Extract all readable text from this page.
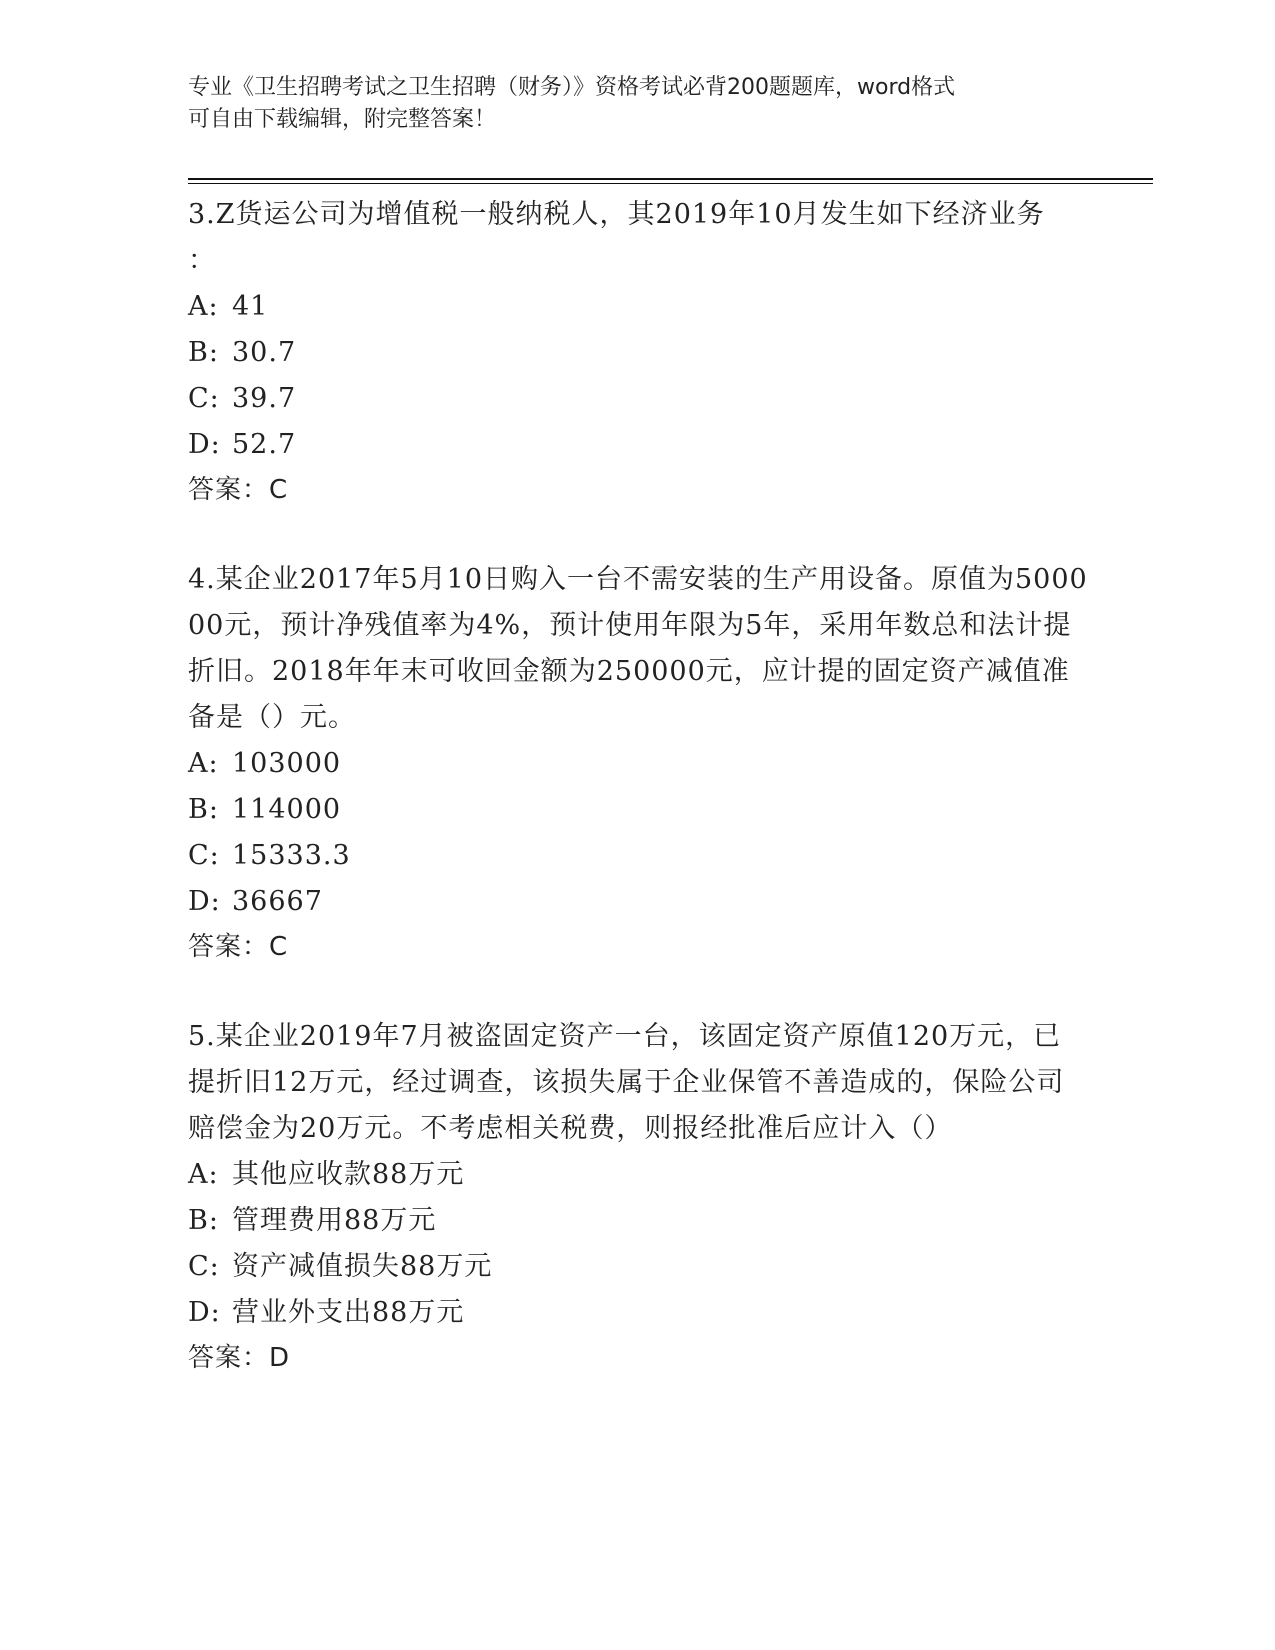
专业《卫生招聘考试之卫生招聘（财务）》资格考试必背200题题库，word格式
可自由下载编辑，附完整答案！
3.Z货运公司为增值税一般纳税人，其2019年10月发生如下经济业务
：
A: 41
B: 30.7
C: 39.7
D: 52.7
答案：C
4.某企业2017年5月10日购入一台不需安装的生产用设备。原值为500000元，预计净残值率为4%，预计使用年限为5年，采用年数总和法计提折旧。2018年年末可收回金额为250000元，应计提的固定资产减值准备是（）元。
A: 103000
B: 114000
C: 15333.3
D: 36667
答案：C
5.某企业2019年7月被盗固定资产一台，该固定资产原值120万元，已提折旧12万元，经过调查，该损失属于企业保管不善造成的，保险公司赔偿金为20万元。不考虑相关税费，则报经批准后应计入（）
A: 其他应收款88万元
B: 管理费用88万元
C: 资产减值损失88万元
D: 营业外支出88万元
答案：D
